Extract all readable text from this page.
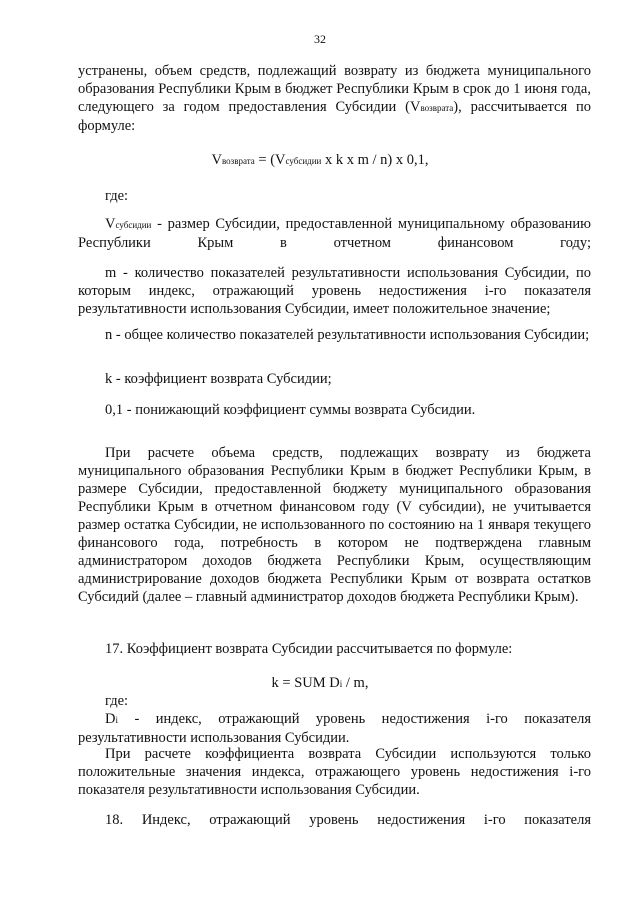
32

устранены, объем средств, подлежащий возврату из бюджета муниципального образования Республики Крым в бюджет Республики Крым в срок до 1 июня года, следующего за годом предоставления Субсидии (Vвозврата), рассчитывается по формуле:

Vвозврата = (Vсубсидии x k x m / n) x 0,1,
где:

Vсубсидии - размер Субсидии, предоставленной муниципальному образованию Республики Крым в отчетном финансовом году;

m - количество показателей результативности использования Субсидии, по которым индекс, отражающий уровень недостижения i-го показателя результативности использования Субсидии, имеет положительное значение;

n - общее количество показателей результативности использования Субсидии;

k - коэффициент возврата Субсидии;

0,1 - понижающий коэффициент суммы возврата Субсидии.

При расчете объема средств, подлежащих возврату из бюджета муниципального образования Республики Крым в бюджет Республики Крым, в размере Субсидии, предоставленной бюджету муниципального образования Республики Крым в отчетном финансовом году (V субсидии), не учитывается размер остатка Субсидии, не использованного по состоянию на 1 января текущего финансового года, потребность в котором не подтверждена главным администратором доходов бюджета Республики Крым, осуществляющим администрирование доходов бюджета Республики Крым от возврата остатков Субсидий (далее – главный администратор доходов бюджета Республики Крым).

17. Коэффициент возврата Субсидии рассчитывается по формуле:

k = SUM Di / m,
где:

Di - индекс, отражающий уровень недостижения i-го показателя результативности использования Субсидии.

При расчете коэффициента возврата Субсидии используются только положительные значения индекса, отражающего уровень недостижения i-го показателя результативности использования Субсидии.

18. Индекс, отражающий уровень недостижения i-го показателя
